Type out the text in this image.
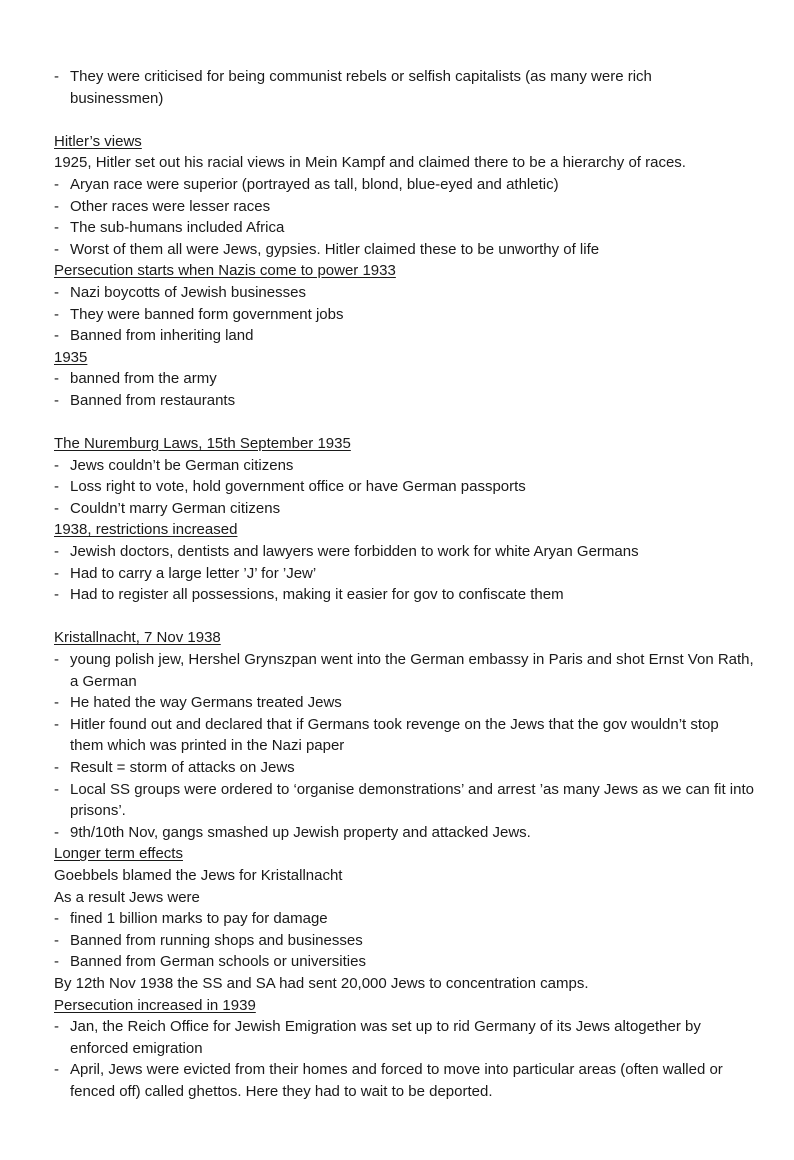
- They were criticised for being communist rebels or selfish capitalists (as many were rich businessmen)

Hitler’s views

1925, Hitler set out his racial views in Mein Kampf and claimed there to be a hierarchy of races.

- Aryan race were superior (portrayed as tall, blond, blue-eyed and athletic)

- Other races were lesser races

- The sub-humans included Africa

- Worst of them all were Jews, gypsies. Hitler claimed these to be unworthy of life

Persecution starts when Nazis come to power 1933

- Nazi boycotts of Jewish businesses

- They were banned form government jobs

- Banned from inheriting land

1935

- banned from the army

- Banned from restaurants

The Nuremburg Laws, 15th September 1935

- Jews couldn’t be German citizens

- Loss right to vote, hold government office or have German passports

- Couldn’t marry German citizens

1938, restrictions increased

- Jewish doctors, dentists and lawyers were forbidden to work for white Aryan Germans

- Had to carry a large letter ’J’ for ’Jew’

- Had to register all possessions, making it easier for gov to confiscate them

Kristallnacht, 7 Nov 1938

- young polish jew, Hershel Grynszpan went into the German embassy in Paris and shot Ernst Von Rath, a German

- He hated the way Germans treated Jews

- Hitler found out and declared that if Germans took revenge on the Jews that the gov wouldn’t stop them which was printed in the Nazi paper

- Result = storm of attacks on Jews

- Local SS groups were ordered to ‘organise demonstrations’ and arrest ’as many Jews as we can fit into prisons’.

- 9th/10th Nov, gangs smashed up Jewish property and attacked Jews.

Longer term effects

Goebbels blamed the Jews for Kristallnacht

As a result Jews were

- fined 1 billion marks to pay for damage

- Banned from running shops and businesses

- Banned from German schools or universities

By 12th Nov 1938 the SS and SA had sent 20,000 Jews to concentration camps.

Persecution increased in 1939

- Jan, the Reich Office for Jewish Emigration was set up to rid Germany of its Jews altogether by enforced emigration

- April, Jews were evicted from their homes and forced to move into particular areas (often walled or fenced off) called ghettos. Here they had to wait to be deported.
